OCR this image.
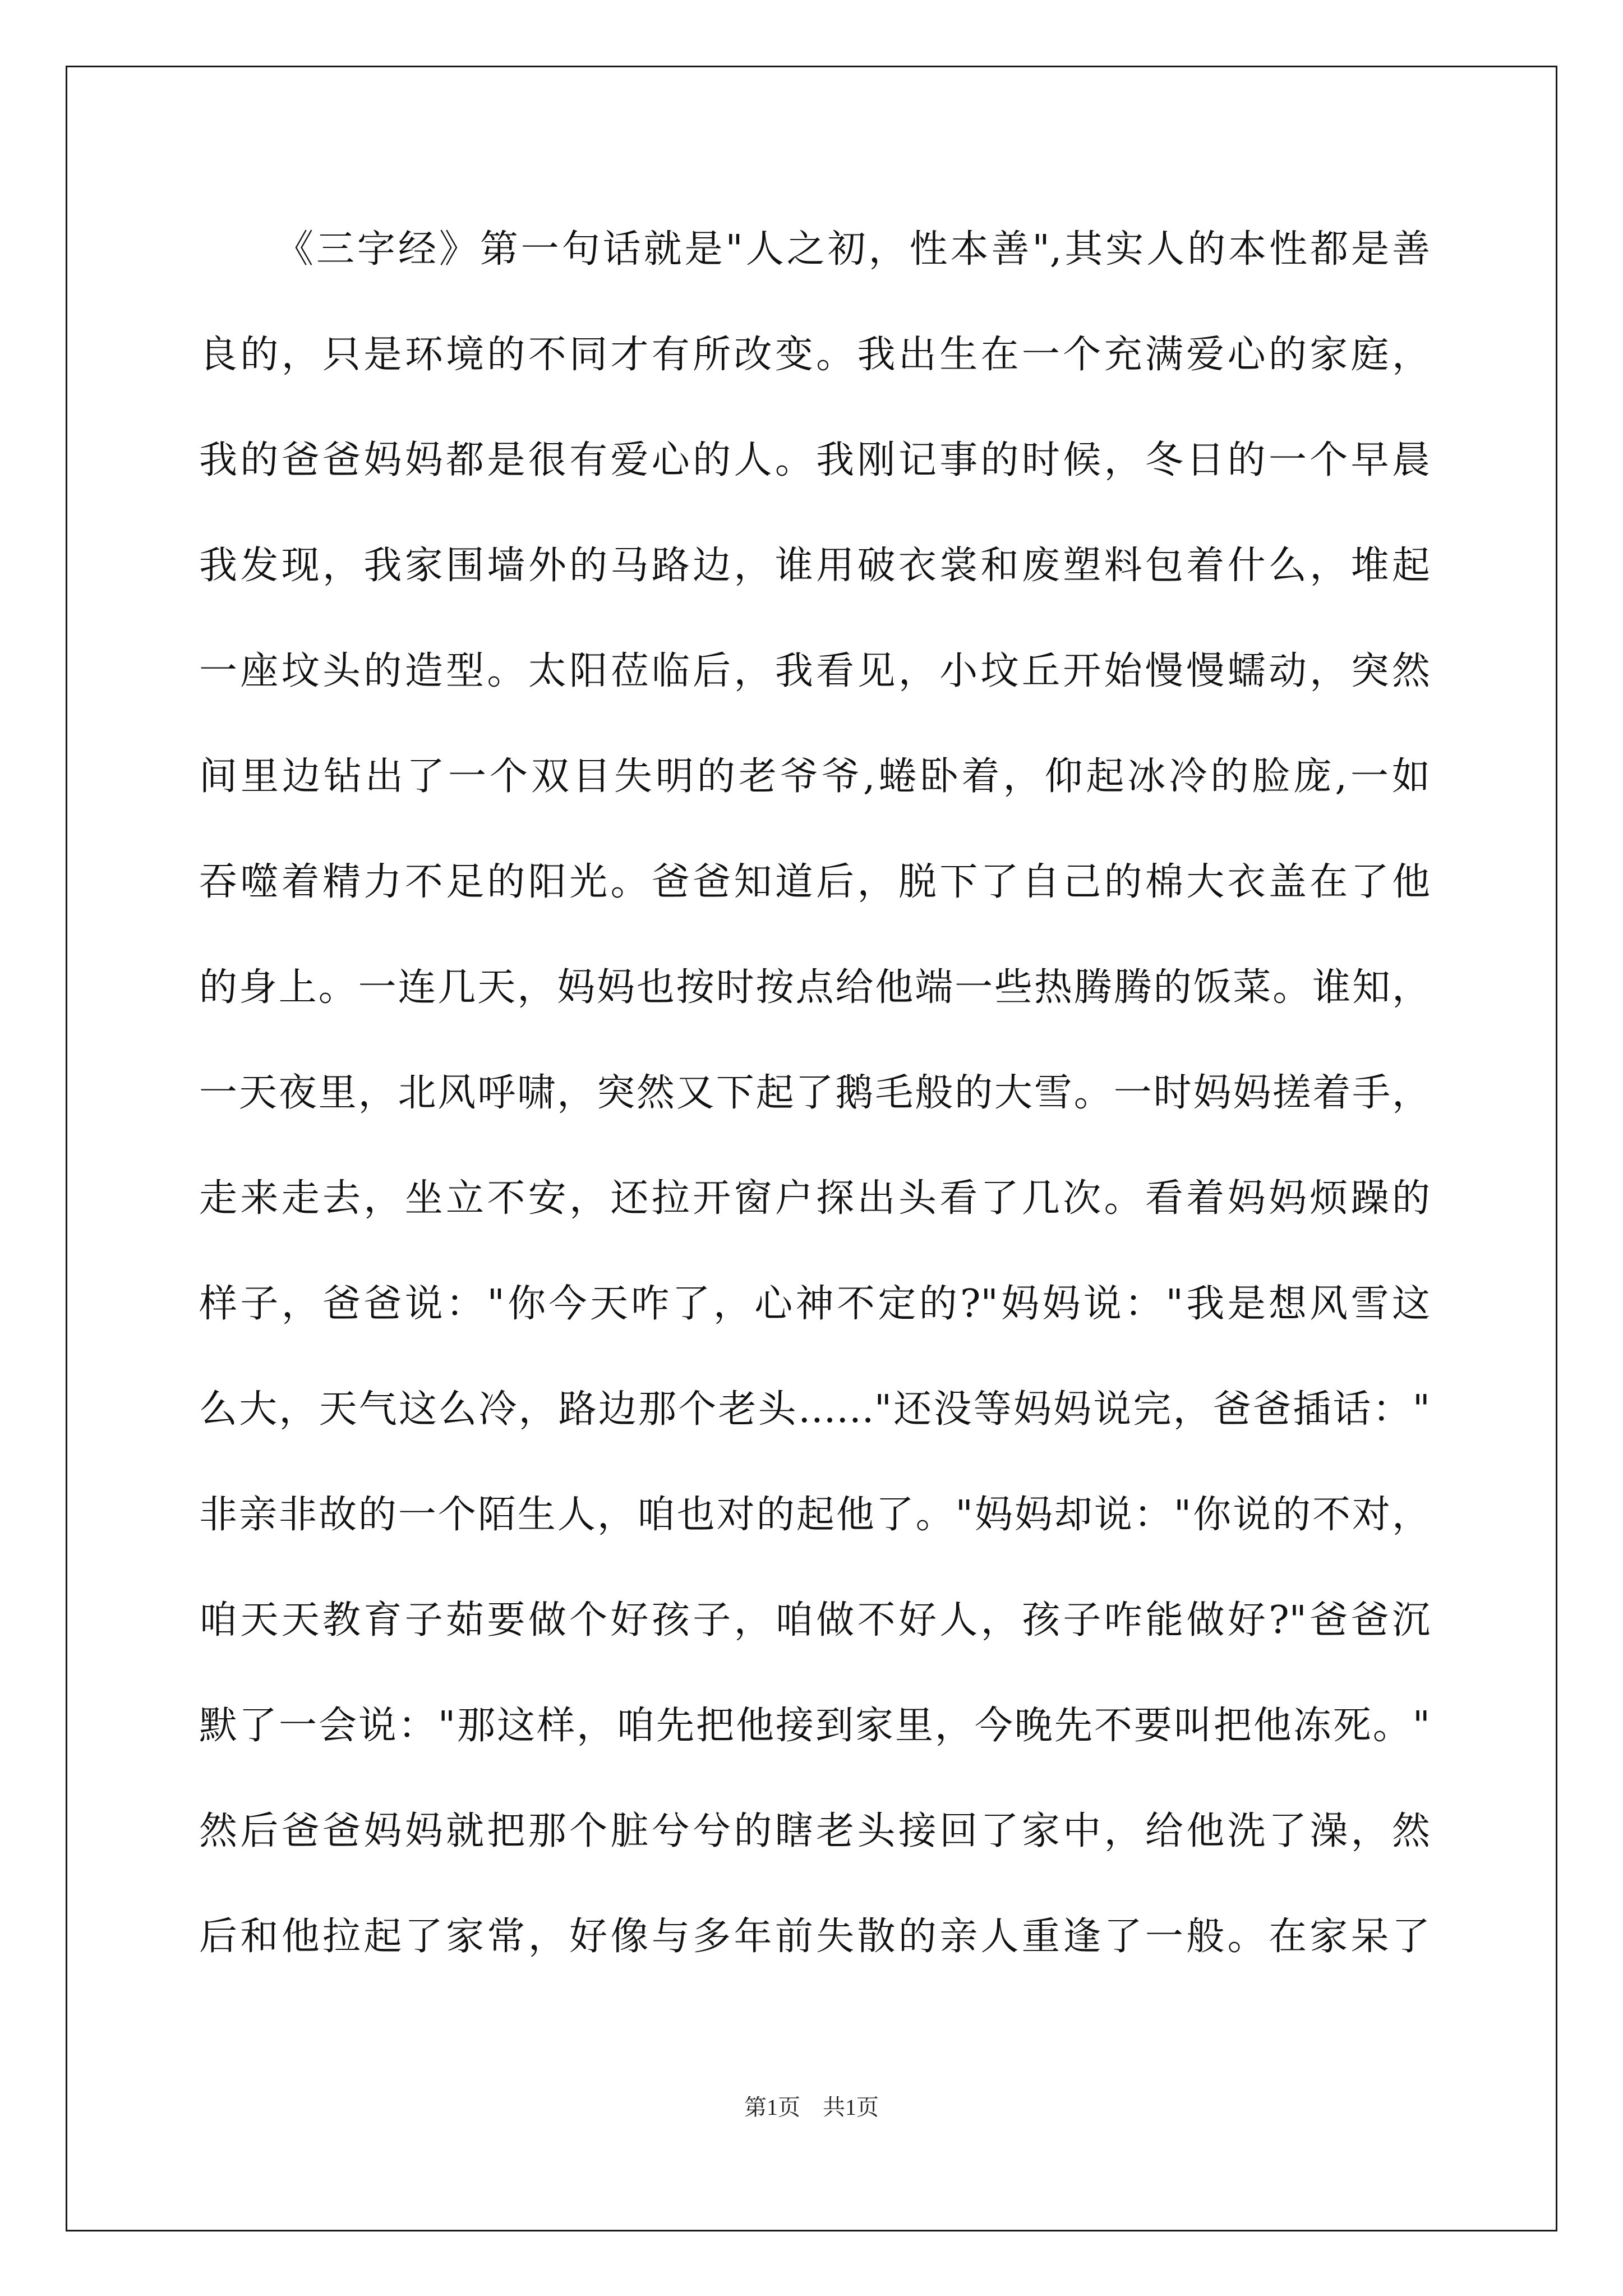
《三字经》第一句话就是"人之初，性本善",其实人的本性都是善
良的，只是环境的不同才有所改变。我出生在一个充满爱心的家庭，
我的爸爸妈妈都是很有爱心的人。我刚记事的时候，冬日的一个早晨
我发现，我家围墙外的马路边，谁用破衣裳和废塑料包着什么，堆起
一座坟头的造型。太阳莅临后，我看见，小坟丘开始慢慢蠕动，突然
间里边钻出了一个双目失明的老爷爷,蜷卧着，仰起冰冷的脸庞,一如
吞噬着精力不足的阳光。爸爸知道后，脱下了自己的棉大衣盖在了他
的身上。一连几天，妈妈也按时按点给他端一些热腾腾的饭菜。谁知，
一天夜里，北风呼啸，突然又下起了鹅毛般的大雪。一时妈妈搓着手，
走来走去，坐立不安，还拉开窗户探出头看了几次。看着妈妈烦躁的
样子，爸爸说："你今天咋了，心神不定的?"妈妈说："我是想风雪这
么大，天气这么冷，路边那个老头……"还没等妈妈说完，爸爸插话："
非亲非故的一个陌生人，咱也对的起他了。"妈妈却说："你说的不对，
咱天天教育子茹要做个好孩子，咱做不好人，孩子咋能做好?"爸爸沉
默了一会说："那这样，咱先把他接到家里，今晚先不要叫把他冻死。"
然后爸爸妈妈就把那个脏兮兮的瞎老头接回了家中，给他洗了澡，然
后和他拉起了家常，好像与多年前失散的亲人重逢了一般。在家呆了
第1页　共1页
